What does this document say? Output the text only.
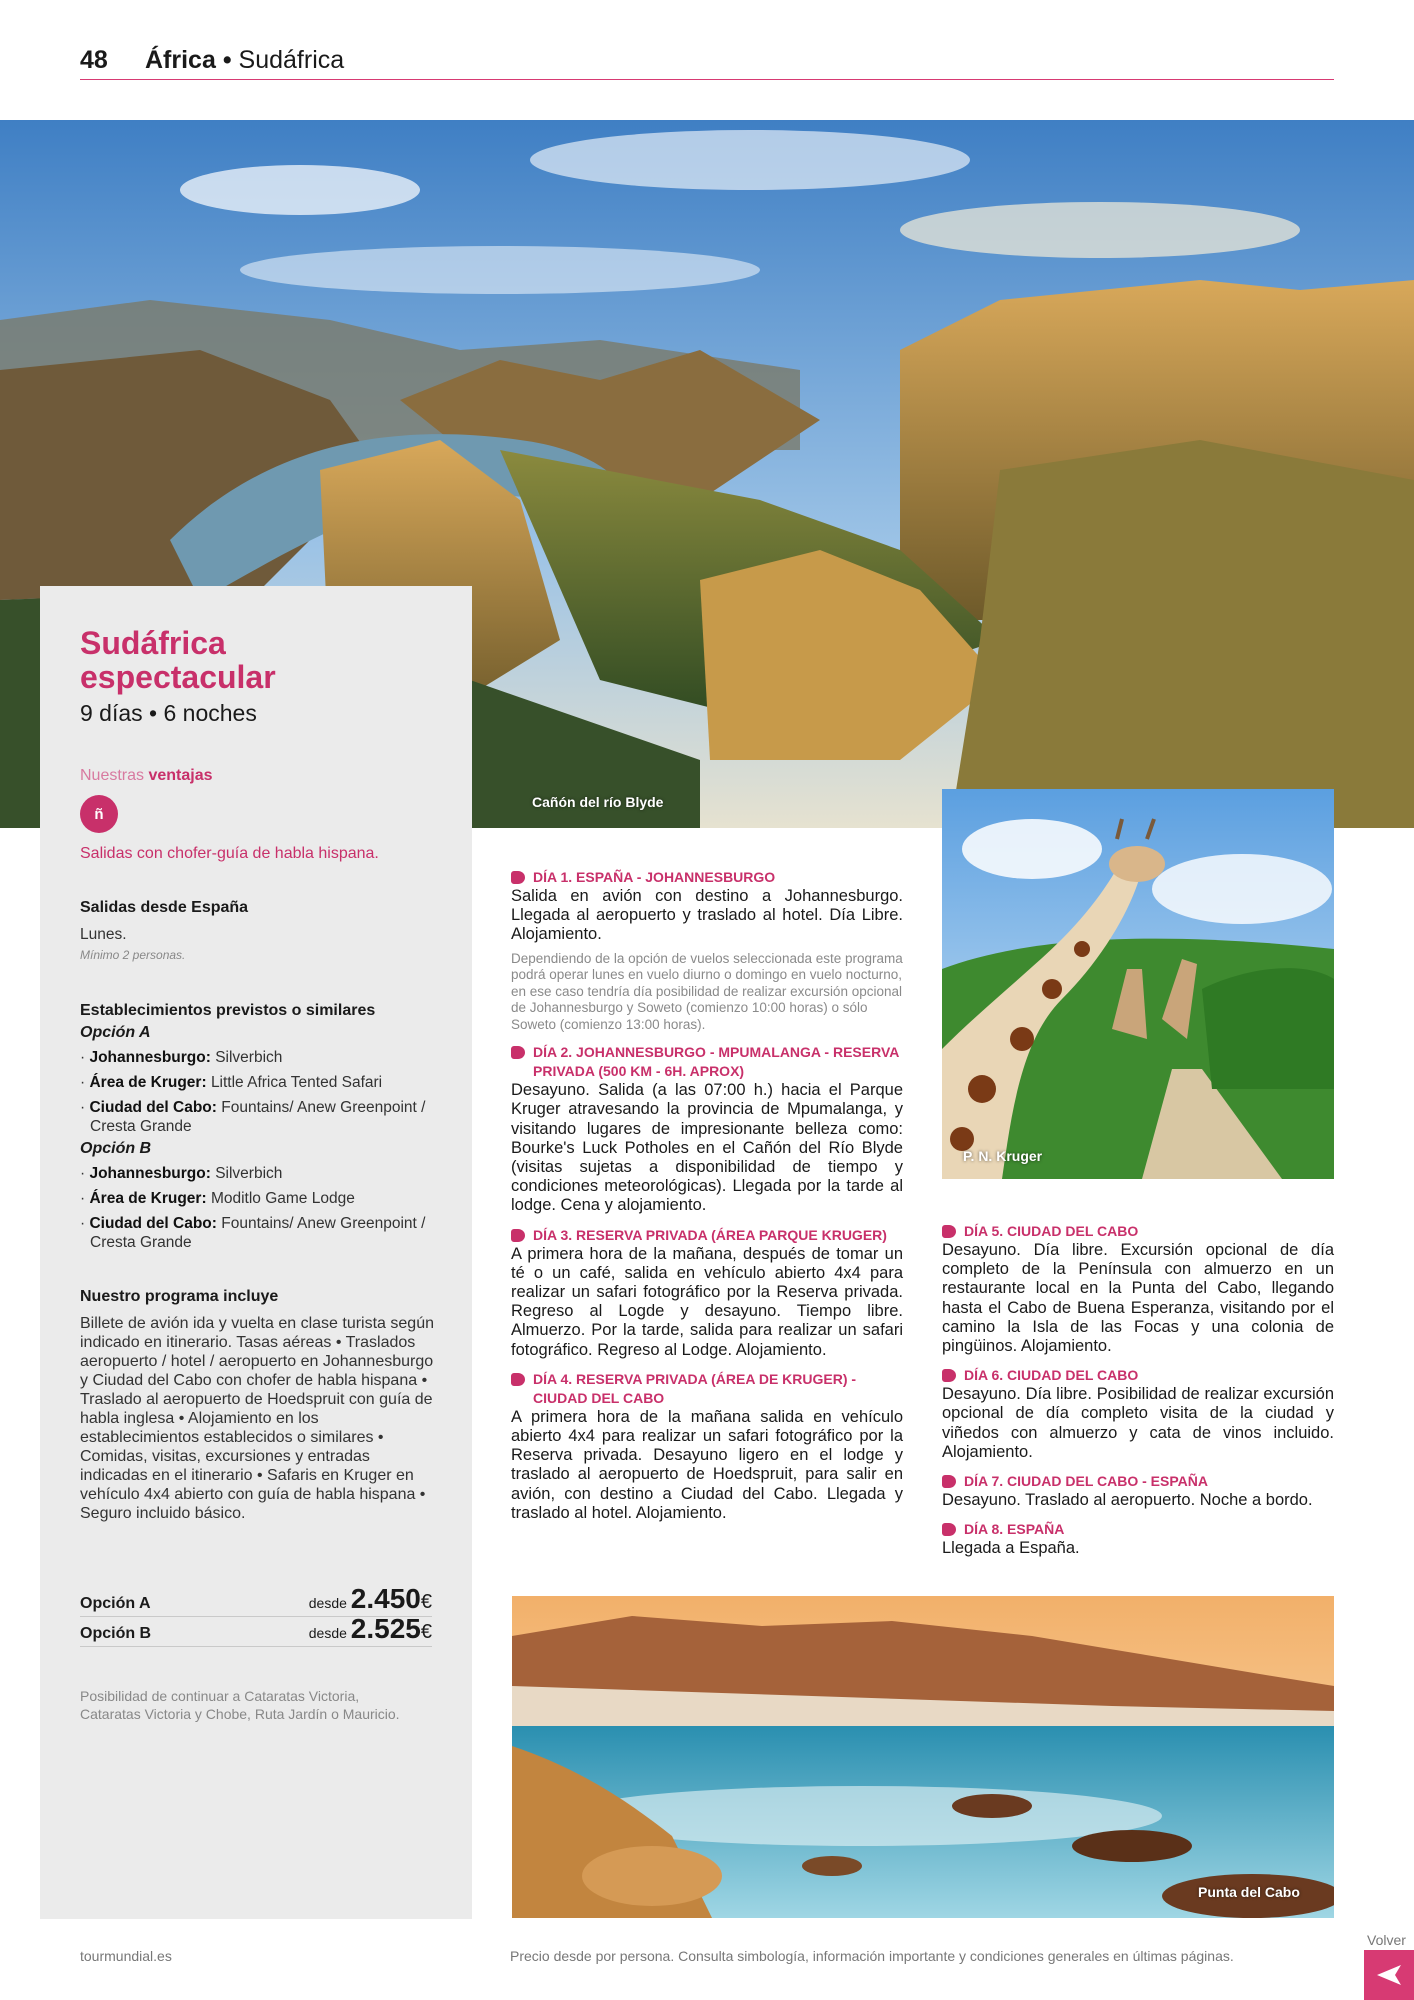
48 África • Sudáfrica
Cañón del río Blyde
Sudáfrica espectacular
9 días • 6 noches
Nuestras ventajas
ñ
Salidas con chofer-guía de habla hispana.
Salidas desde España
Lunes.
Mínimo 2 personas.
Establecimientos previstos o similares
Opción A
· Johannesburgo: Silverbich
· Área de Kruger: Little Africa Tented Safari
· Ciudad del Cabo: Fountains/ Anew Greenpoint / Cresta Grande
Opción B
· Johannesburgo: Silverbich
· Área de Kruger: Moditlo Game Lodge
· Ciudad del Cabo: Fountains/ Anew Greenpoint / Cresta Grande
Nuestro programa incluye
Billete de avión ida y vuelta en clase turista según indicado en itinerario. Tasas aéreas • Traslados aeropuerto / hotel / aeropuerto en Johannesburgo y Ciudad del Cabo con chofer de habla hispana • Traslado al aeropuerto de Hoedspruit con guía de habla inglesa • Alojamiento en los establecimientos establecidos o similares • Comidas, visitas, excursiones y entradas indicadas en el itinerario • Safaris en Kruger en vehículo 4x4 abierto con guía de habla hispana • Seguro incluido básico.
Opción A	desde 2.450€
Opción B	desde 2.525€
Posibilidad de continuar a Cataratas Victoria, Cataratas Victoria y Chobe, Ruta Jardín o Mauricio.
DÍA 1. ESPAÑA - JOHANNESBURGO
Salida en avión con destino a Johannesburgo. Llegada al aeropuerto y traslado al hotel. Día Libre. Alojamiento.
Dependiendo de la opción de vuelos seleccionada este programa podrá operar lunes en vuelo diurno o domingo en vuelo nocturno, en ese caso tendría día posibilidad de realizar excursión opcional de Johannesburgo y Soweto (comienzo 10:00 horas) o sólo Soweto (comienzo 13:00 horas).
DÍA 2. JOHANNESBURGO - MPUMALANGA - RESERVA PRIVADA (500 KM - 6H. APROX)
Desayuno. Salida (a las 07:00 h.) hacia el Parque Kruger atravesando la provincia de Mpumalanga, y visitando lugares de impresionante belleza como: Bourke's Luck Potholes en el Cañón del Río Blyde (visitas sujetas a disponibilidad de tiempo y condiciones meteorológicas). Llegada por la tarde al lodge. Cena y alojamiento.
DÍA 3. RESERVA PRIVADA (ÁREA PARQUE KRUGER)
A primera hora de la mañana, después de tomar un té o un café, salida en vehículo abierto 4x4 para realizar un safari fotográfico por la Reserva privada. Regreso al Logde y desayuno. Tiempo libre. Almuerzo. Por la tarde, salida para realizar un safari fotográfico. Regreso al Lodge. Alojamiento.
DÍA 4. RESERVA PRIVADA (ÁREA DE KRUGER) - CIUDAD DEL CABO
A primera hora de la mañana salida en vehículo abierto 4x4 para realizar un safari fotográfico por la Reserva privada. Desayuno ligero en el lodge y traslado al aeropuerto de Hoedspruit, para salir en avión, con destino a Ciudad del Cabo. Llegada y traslado al hotel. Alojamiento.
P. N. Kruger
DÍA 5. CIUDAD DEL CABO
Desayuno. Día libre. Excursión opcional de día completo de la Península con almuerzo en un restaurante local en la Punta del Cabo, llegando hasta el Cabo de Buena Esperanza, visitando por el camino la Isla de las Focas y una colonia de pingüinos. Alojamiento.
DÍA 6. CIUDAD DEL CABO
Desayuno. Día libre. Posibilidad de realizar excursión opcional de día completo visita de la ciudad y viñedos con almuerzo y cata de vinos incluido. Alojamiento.
DÍA 7. CIUDAD DEL CABO - ESPAÑA
Desayuno. Traslado al aeropuerto. Noche a bordo.
DÍA 8. ESPAÑA
Llegada a España.
Punta del Cabo
tourmundial.es	Precio desde por persona. Consulta simbología, información importante y condiciones generales en últimas páginas.
Volver
